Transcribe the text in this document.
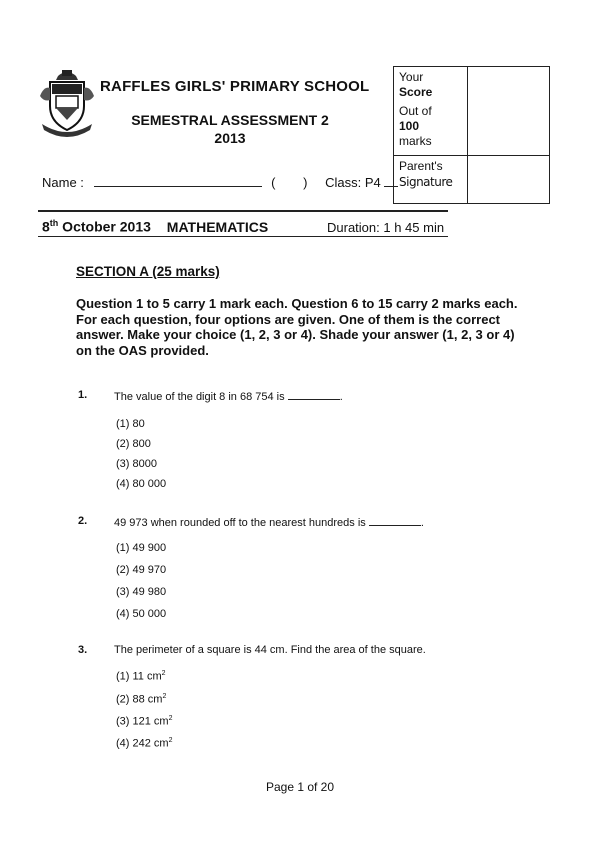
RAFFLES GIRLS' PRIMARY SCHOOL
SEMESTRAL ASSESSMENT 2
2013
Your
Score
Out of
100
marks
Parent's
Signature
Name :	( ) Class: P4
8th October 2013 MATHEMATICS	Duration: 1 h 45 min
SECTION A (25 marks)
Question 1 to 5 carry 1 mark each. Question 6 to 15 carry 2 marks each. For each question, four options are given. One of them is the correct answer. Make your choice (1, 2, 3 or 4). Shade your answer (1, 2, 3 or 4) on the OAS provided.
1. The value of the digit 8 in 68 754 is	.
(1) 80
(2) 800
(3) 8000
(4) 80 000
2. 49 973 when rounded off to the nearest hundreds is	.
(1) 49 900
(2) 49 970
(3) 49 980
(4) 50 000
3. The perimeter of a square is 44 cm. Find the area of the square.
(1) 11 $cm^2$
(2) 88 $cm^2$
(3) 121 $cm^2$
(4) 242 $cm^2$
Page 1 of 20
